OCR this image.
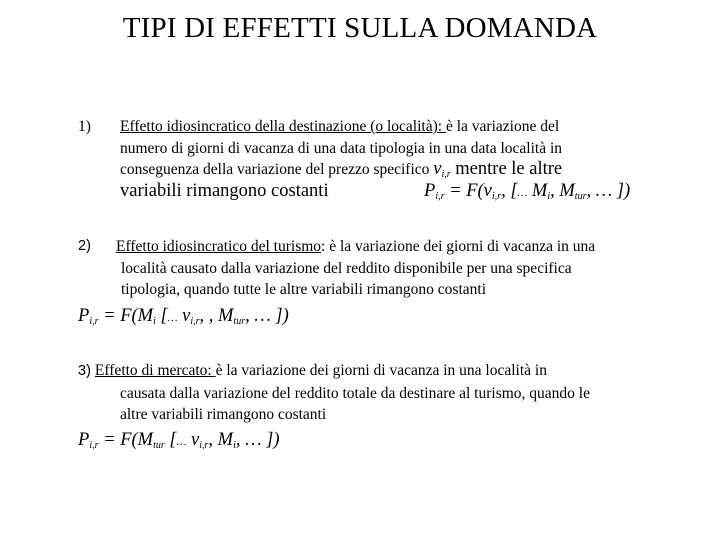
TIPI DI EFFETTI SULLA DOMANDA
1) Effetto idiosincratico della destinazione (o località): è la variazione del
numero di giorni di vacanza di una data tipologia in una data località in
conseguenza della variazione del prezzo specifico $v_{i,r}$ mentre le altre
variabili rimangono costanti	$P_{i,r} = F(v_{i,r}$, [… $M_i$, $M_{tur}$, … ])
2) Effetto idiosincratico del turismo: è la variazione dei giorni di vacanza in una
località causato dalla variazione del reddito disponibile per una specifica
tipologia, quando tutte le altre variabili rimangono costanti
$P_{i,r} = F(M_i$ [… $v_{i,r}$, , $M_{tur}$, … ])
3) Effetto di mercato: è la variazione dei giorni di vacanza in una località in
causata dalla variazione del reddito totale da destinare al turismo, quando le
altre variabili rimangono costanti
$P_{i,r} = F(M_{tur}$ [… $v_{i,r}$, $M_i$, … ])
